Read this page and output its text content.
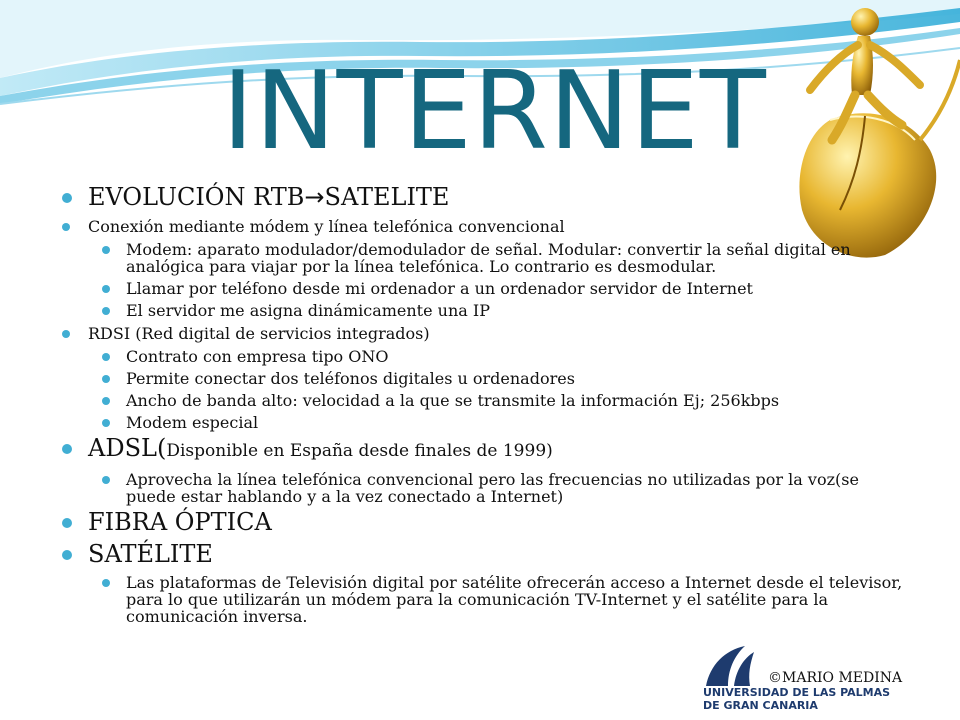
INTERNET
EVOLUCIÓN RTB→SATELITE
Conexión mediante módem y línea telefónica convencional
Modem: aparato modulador/demodulador de señal. Modular: convertir la señal digital en analógica para viajar por la línea telefónica. Lo contrario es desmodular.
Llamar por teléfono desde mi ordenador a un ordenador servidor de Internet
El servidor me asigna dinámicamente una IP
RDSI (Red digital de servicios integrados)
Contrato con empresa tipo ONO
Permite conectar dos teléfonos digitales u ordenadores
Ancho de banda alto: velocidad a la que se transmite la información Ej; 256kbps
Modem especial
ADSL(Disponible en España desde finales de 1999)
Aprovecha la línea telefónica convencional pero las frecuencias no utilizadas por la voz(se puede estar hablando y a la vez conectado a Internet)
FIBRA ÓPTICA
SATÉLITE
Las plataformas de Televisión digital por satélite ofrecerán acceso a Internet desde el televisor, para lo que utilizarán un módem para la comunicación TV-Internet y el satélite para la comunicación inversa.
©MARIO MEDINA
UNIVERSIDAD DE LAS PALMAS
DE GRAN CANARIA
